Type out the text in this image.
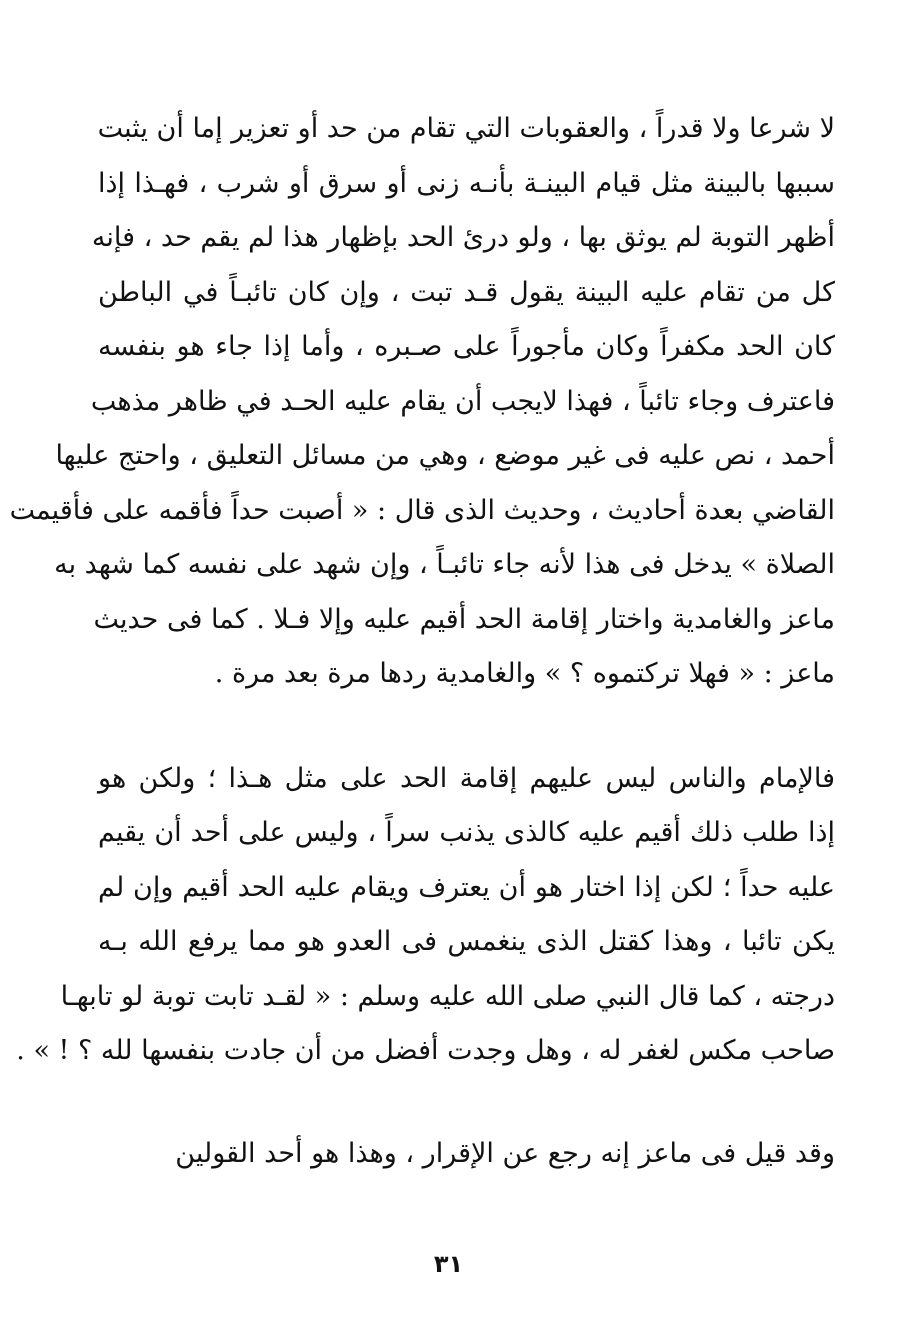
لا شرعا ولا قدراً ، والعقوبات التي تقام من حد أو تعزير إما أن يثبت
سببها بالبينة مثل قيام البينـة بأنـه زنى أو سرق أو شرب ، فهـذا إذا
أظهر التوبة لم يوثق بها ، ولو درئ الحد بإظهار هذا لم يقم حد ، فإنه
كل من تقام عليه البينة يقول قـد تبت ، وإن كان تائبـاً في الباطن
كان الحد مكفراً وكان مأجوراً على صـبره ، وأما إذا جاء هو بنفسه
فاعترف وجاء تائباً ، فهذا لايجب أن يقام عليه الحـد في ظاهر مذهب
أحمد ، نص عليه فى غير موضع ، وهي من مسائل التعليق ، واحتج عليها
القاضي بعدة أحاديث ، وحديث الذى قال : « أصبت حداً فأقمه على فأقيمت
الصلاة » يدخل فى هذا لأنه جاء تائبـاً ، وإن شهد على نفسه كما شهد به
ماعز والغامدية واختار إقامة الحد أقيم عليه وإلا فـلا . كما فى حديث
ماعز : « فهلا تركتموه ؟ » والغامدية ردها مرة بعد مرة .
فالإمام والناس ليس عليهم إقامة الحد على مثل هـذا ؛ ولكن هو
إذا طلب ذلك أقيم عليه كالذى يذنب سراً ، وليس على أحد أن يقيم
عليه حداً ؛ لكن إذا اختار هو أن يعترف ويقام عليه الحد أقيم وإن لم
يكن تائبا ، وهذا كقتل الذى ينغمس فى العدو هو مما يرفع الله بـه
درجته ، كما قال النبي صلى الله عليه وسلم : « لقـد تابت توبة لو تابهـا
صاحب مكس لغفر له ، وهل وجدت أفضل من أن جادت بنفسها لله ؟ ! » .
وقد قيل فى ماعز إنه رجع عن الإقرار ، وهذا هو أحد القولين
٣١
